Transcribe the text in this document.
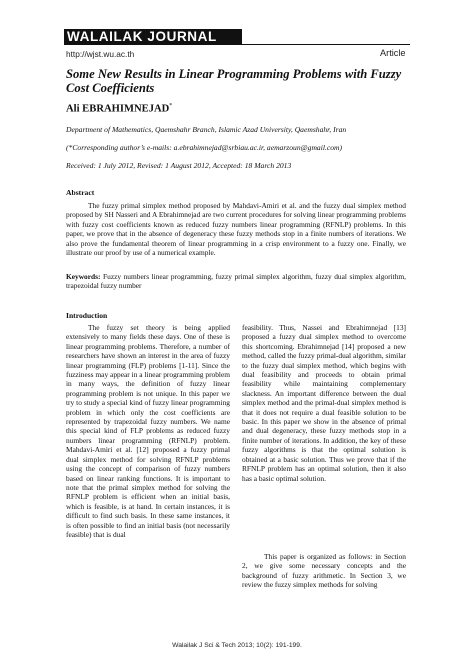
WALAILAK JOURNAL
http://wjst.wu.ac.th	Article
Some New Results in Linear Programming Problems with Fuzzy Cost Coefficients
Ali EBRAHIMNEJAD*
Department of Mathematics, Qaemshahr Branch, Islamic Azad University, Qaemshahr, Iran
(*Corresponding author’s e-mails: a.ebrahimnejad@srbiau.ac.ir, aemarzoun@gmail.com)
Received: 1 July 2012, Revised: 1 August 2012, Accepted: 18 March 2013
Abstract

The fuzzy primal simplex method proposed by Mahdavi-Amiri et al. and the fuzzy dual simplex method proposed by SH Nasseri and A Ebrahimnejad are two current procedures for solving linear programming problems with fuzzy cost coefficients known as reduced fuzzy numbers linear programming (RFNLP) problems. In this paper, we prove that in the absence of degeneracy these fuzzy methods stop in a finite numbers of iterations. We also prove the fundamental theorem of linear programming in a crisp environment to a fuzzy one. Finally, we illustrate our proof by use of a numerical example.

Keywords: Fuzzy numbers linear programming, fuzzy primal simplex algorithm, fuzzy dual simplex algorithm, trapezoidal fuzzy number

Introduction

The fuzzy set theory is being applied extensively to many fields these days. One of these is linear programming problems. Therefore, a number of researchers have shown an interest in the area of fuzzy linear programming (FLP) problems [1-11]. Since the fuzziness may appear in a linear programming problem in many ways, the definition of fuzzy linear programming problem is not unique. In this paper we try to study a special kind of fuzzy linear programming problem in which only the cost coefficients are represented by trapezoidal fuzzy numbers. We name this special kind of FLP problems as reduced fuzzy numbers linear programming (RFNLP) problem. Mahdavi-Amiri et al. [12] proposed a fuzzy primal dual simplex method for solving RFNLP problems using the concept of comparison of fuzzy numbers based on linear ranking functions. It is important to note that the primal simplex method for solving the RFNLP problem is efficient when an initial basis, which is feasible, is at hand. In certain instances, it is difficult to find such basis. In these same instances, it is often possible to find an initial basis (not necessarily feasible) that is dual

feasibility. Thus, Nassei and Ebrahimnejad [13] proposed a fuzzy dual simplex method to overcome this shortcoming. Ebrahimnejad [14] proposed a new method, called the fuzzy primal-dual algorithm, similar to the fuzzy dual simplex method, which begins with dual feasibility and proceeds to obtain primal feasibility while maintaining complementary slackness. An important difference between the dual simplex method and the primal-dual simplex method is that it does not require a dual feasible solution to be basic. In this paper we show in the absence of primal and dual degeneracy, these fuzzy methods stop in a finite number of iterations. In addition, the key of these fuzzy algorithms is that the optimal solution is obtained at a basic solution. Thus we prove that if the RFNLP problem has an optimal solution, then it also has a basic optimal solution.

This paper is organized as follows: in Section 2, we give some necessary concepts and the background of fuzzy arithmetic. In Section 3, we review the fuzzy simplex methods for solving

Walailak J Sci & Tech 2013; 10(2): 191-199.
